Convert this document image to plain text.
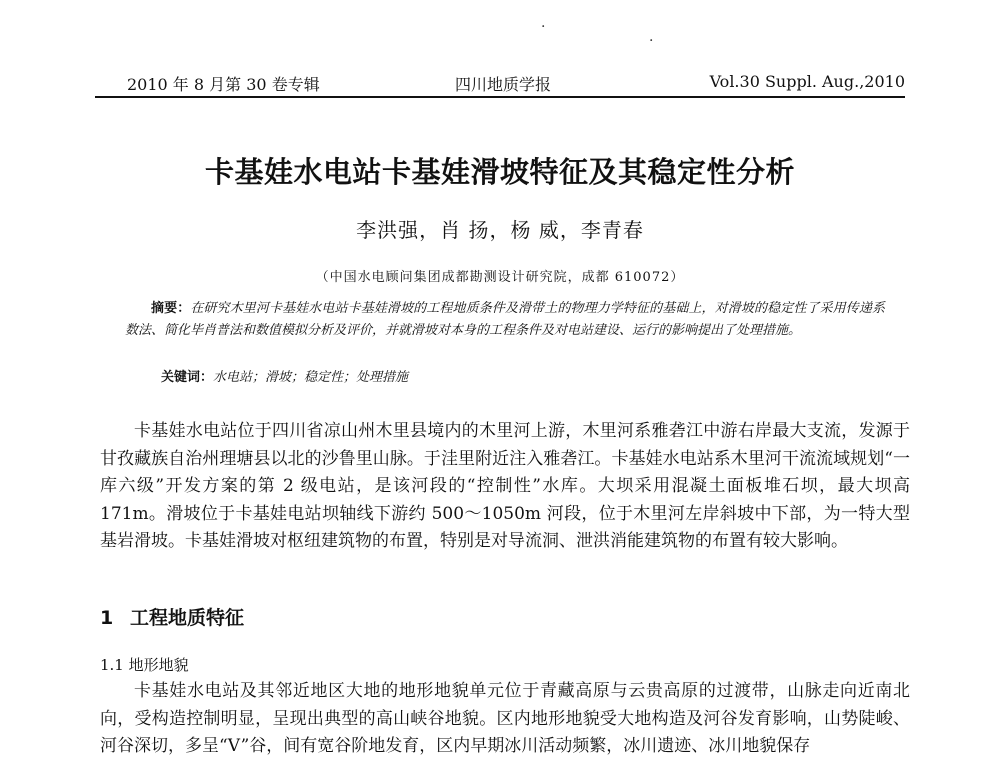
·
·
2010 年 8 月第 30 卷专辑	四川地质学报	Vol.30 Suppl. Aug.,2010
卡基娃水电站卡基娃滑坡特征及其稳定性分析
李洪强，肖 扬，杨 威，李青春
（中国水电顾问集团成都勘测设计研究院，成都 610072）

摘要：在研究木里河卡基娃水电站卡基娃滑坡的工程地质条件及滑带土的物理力学特征的基础上，对滑坡的稳定性了采用传递系数法、简化毕肖普法和数值模拟分析及评价，并就滑坡对本身的工程条件及对电站建设、运行的影响提出了处理措施。

关键词：水电站；滑坡；稳定性；处理措施

卡基娃水电站位于四川省凉山州木里县境内的木里河上游，木里河系雅砻江中游右岸最大支流，发源于甘孜藏族自治州理塘县以北的沙鲁里山脉。于洼里附近注入雅砻江。卡基娃水电站系木里河干流流域规划“一库六级”开发方案的第 2 级电站，是该河段的“控制性”水库。大坝采用混凝土面板堆石坝，最大坝高 171m。滑坡位于卡基娃电站坝轴线下游约 500～1050m 河段，位于木里河左岸斜坡中下部，为一特大型基岩滑坡。卡基娃滑坡对枢纽建筑物的布置，特别是对导流洞、泄洪消能建筑物的布置有较大影响。

1 工程地质特征
1.1 地形地貌

卡基娃水电站及其邻近地区大地的地形地貌单元位于青藏高原与云贵高原的过渡带，山脉走向近南北向，受构造控制明显，呈现出典型的高山峡谷地貌。区内地形地貌受大地构造及河谷发育影响，山势陡峻、河谷深切，多呈“V”谷，间有宽谷阶地发育，区内早期冰川活动频繁，冰川遗迹、冰川地貌保存
